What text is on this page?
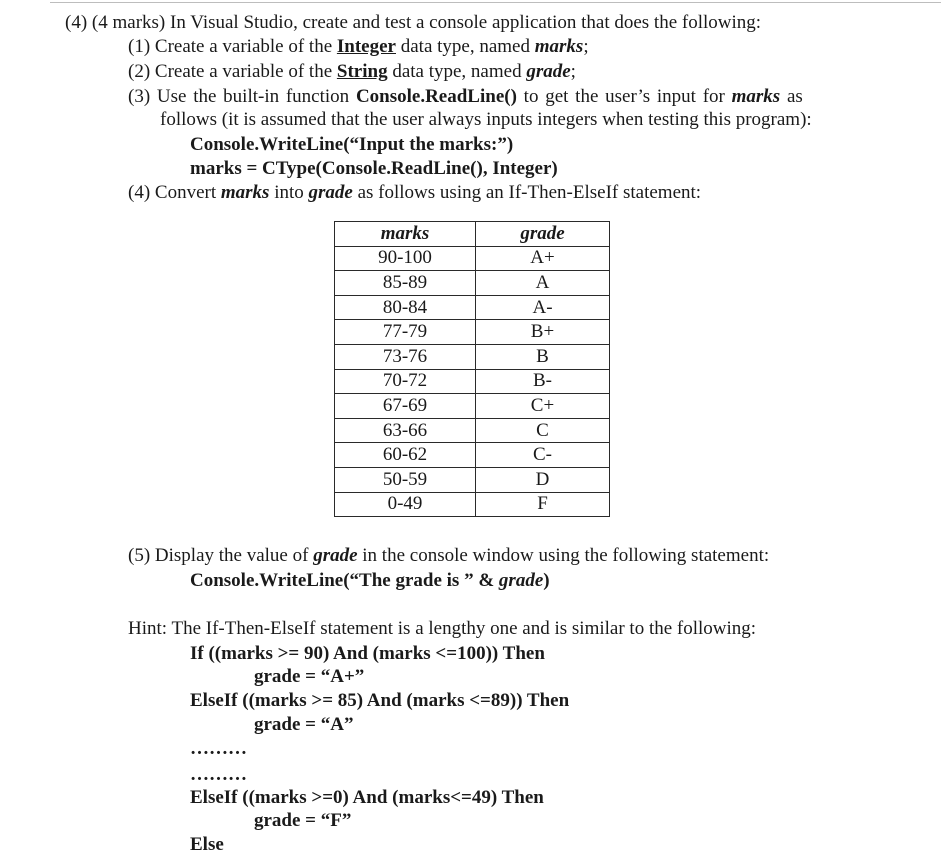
(4) (4 marks) In Visual Studio, create and test a console application that does the following:
(1) Create a variable of the Integer data type, named marks;
(2) Create a variable of the String data type, named grade;
(3) Use the built-in function Console.ReadLine() to get the user’s input for marks as
follows (it is assumed that the user always inputs integers when testing this program):
Console.WriteLine(“Input the marks:”)
marks = CType(Console.ReadLine(), Integer)
(4) Convert marks into grade as follows using an If-Then-ElseIf statement:
marks	grade
90-100	A+
85-89	A
80-84	A-
77-79	B+
73-76	B
70-72	B-
67-69	C+
63-66	C
60-62	C-
50-59	D
0-49	F
(5) Display the value of grade in the console window using the following statement:
Console.WriteLine(“The grade is ” & grade)
Hint: The If-Then-ElseIf statement is a lengthy one and is similar to the following:
If ((marks >= 90) And (marks <=100)) Then
grade = “A+”
ElseIf ((marks >= 85) And (marks <=89)) Then
grade = “A”
………
………
ElseIf ((marks >=0) And (marks<=49) Then
grade = “F”
Else
